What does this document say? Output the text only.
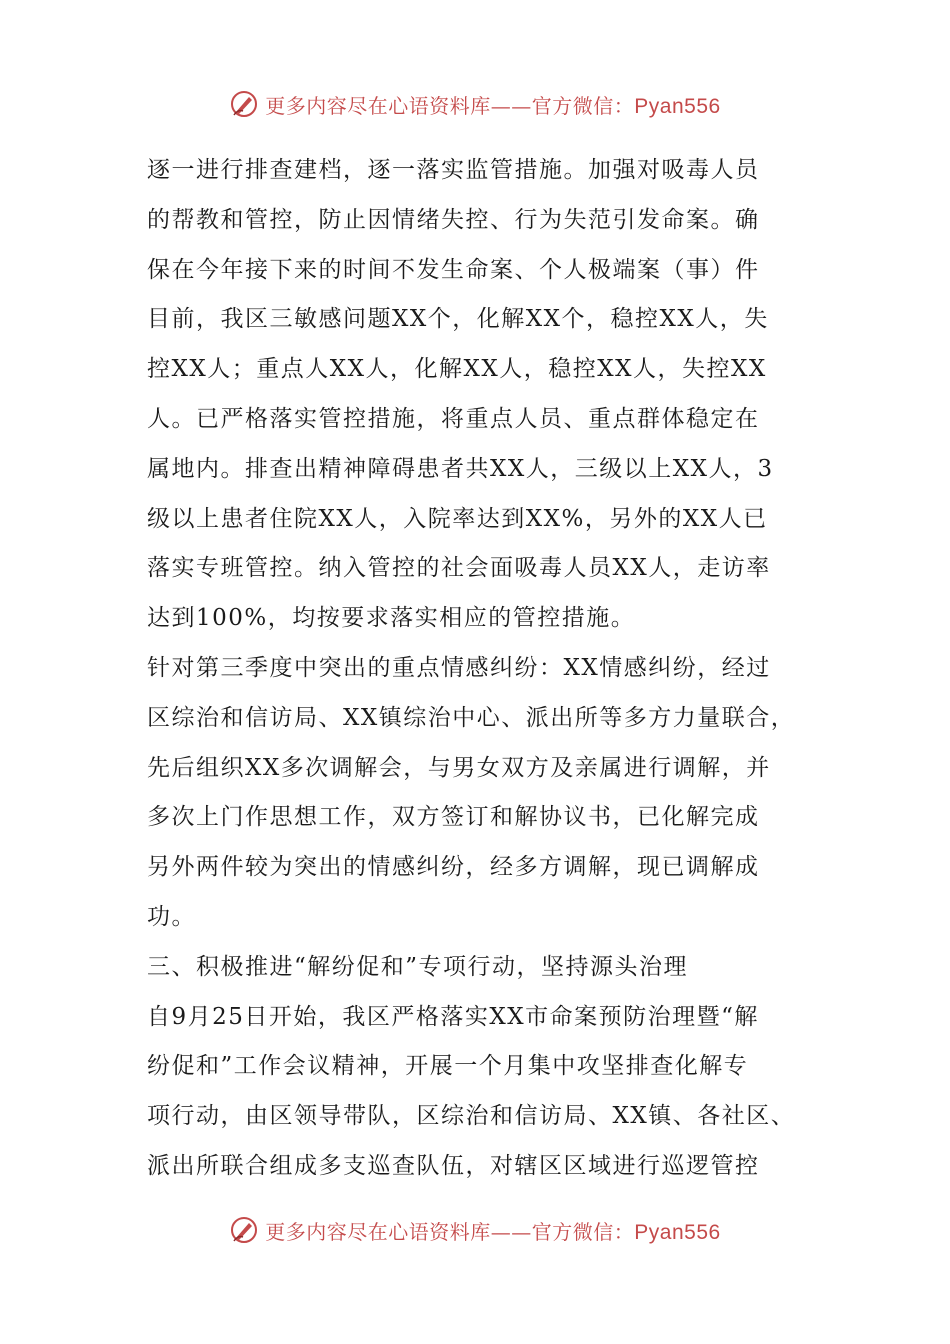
更多内容尽在心语资料库——官方微信：Pyan556
逐一进行排查建档，逐一落实监管措施。加强对吸毒人员
的帮教和管控，防止因情绪失控、行为失范引发命案。确
保在今年接下来的时间不发生命案、个人极端案（事）件
目前，我区三敏感问题XX个，化解XX个，稳控XX人，失
控XX人；重点人XX人，化解XX人，稳控XX人，失控XX
人。已严格落实管控措施，将重点人员、重点群体稳定在
属地内。排查出精神障碍患者共XX人，三级以上XX人，3
级以上患者住院XX人，入院率达到XX%，另外的XX人已
落实专班管控。纳入管控的社会面吸毒人员XX人，走访率
达到100%，均按要求落实相应的管控措施。
针对第三季度中突出的重点情感纠纷：XX情感纠纷，经过
区综治和信访局、XX镇综治中心、派出所等多方力量联合，
先后组织XX多次调解会，与男女双方及亲属进行调解，并
多次上门作思想工作，双方签订和解协议书，已化解完成
另外两件较为突出的情感纠纷，经多方调解，现已调解成
功。
三、积极推进“解纷促和”专项行动，坚持源头治理
自9月25日开始，我区严格落实XX市命案预防治理暨“解
纷促和”工作会议精神，开展一个月集中攻坚排查化解专
项行动，由区领导带队，区综治和信访局、XX镇、各社区、
派出所联合组成多支巡查队伍，对辖区区域进行巡逻管控
更多内容尽在心语资料库——官方微信：Pyan556
